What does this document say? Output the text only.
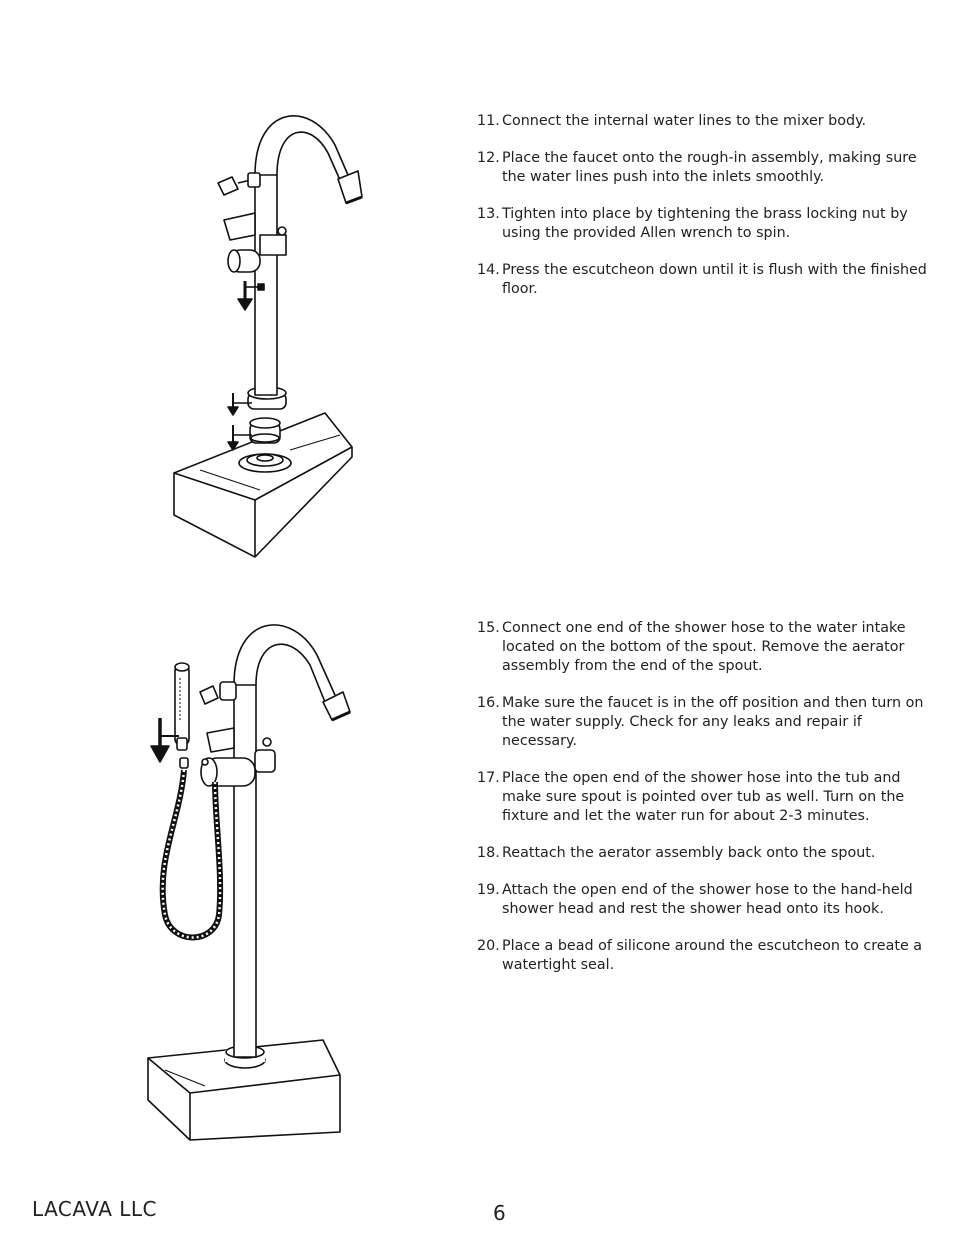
11. Connect the internal water lines to the mixer body.
12. Place the faucet onto the rough-in assembly, making sure the water lines push into the inlets smoothly.
13. Tighten into place by tightening the brass locking nut by using the provided Allen wrench to spin.
14. Press the escutcheon down until it is flush with the finished floor.
15. Connect one end of the shower hose to the water intake located on the bottom of the spout. Remove the aerator assembly from the end of the spout.
16. Make sure the faucet is in the off position and then turn on the water supply. Check for any leaks and repair if necessary.
17. Place the open end of the shower hose into the tub and make sure spout is pointed over tub as well. Turn on the fixture and let the water run for about 2-3 minutes.
18. Reattach the aerator assembly back onto the spout.
19. Attach the open end of the shower hose to the hand-held shower head and rest the shower head onto its hook.
20. Place a bead of silicone around the escutcheon to create a watertight seal.
LACAVA LLC	6
